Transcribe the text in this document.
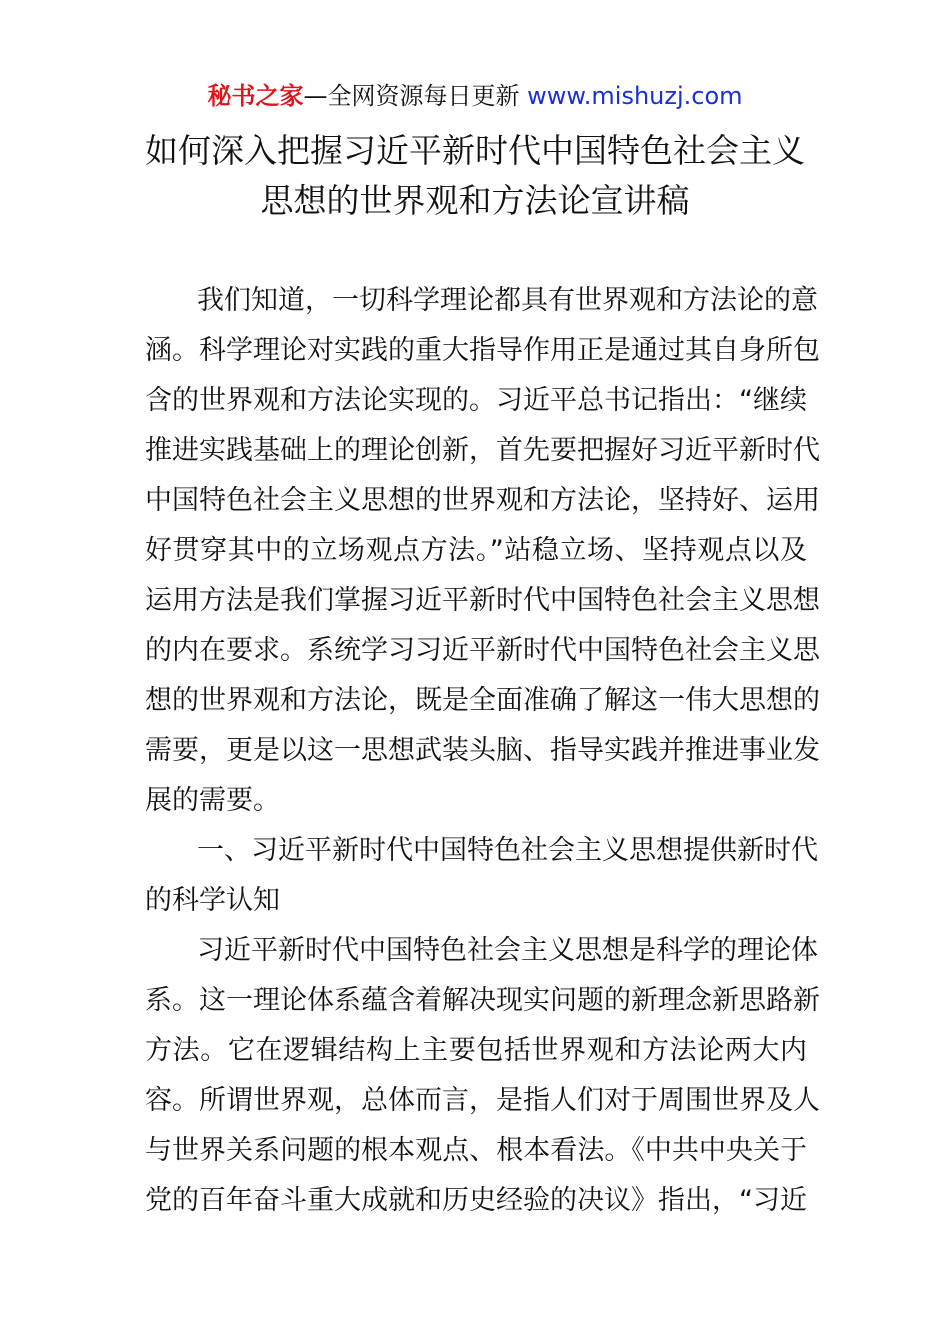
秘书之家—全网资源每日更新 www.mishuzj.com
如何深入把握习近平新时代中国特色社会主义
思想的世界观和方法论宣讲稿
我们知道，一切科学理论都具有世界观和方法论的意
涵。科学理论对实践的重大指导作用正是通过其自身所包
含的世界观和方法论实现的。习近平总书记指出：“继续
推进实践基础上的理论创新，首先要把握好习近平新时代
中国特色社会主义思想的世界观和方法论，坚持好、运用
好贯穿其中的立场观点方法。”站稳立场、坚持观点以及
运用方法是我们掌握习近平新时代中国特色社会主义思想
的内在要求。系统学习习近平新时代中国特色社会主义思
想的世界观和方法论，既是全面准确了解这一伟大思想的
需要，更是以这一思想武装头脑、指导实践并推进事业发
展的需要。
一、习近平新时代中国特色社会主义思想提供新时代
的科学认知
习近平新时代中国特色社会主义思想是科学的理论体
系。这一理论体系蕴含着解决现实问题的新理念新思路新
方法。它在逻辑结构上主要包括世界观和方法论两大内
容。所谓世界观，总体而言，是指人们对于周围世界及人
与世界关系问题的根本观点、根本看法。《中共中央关于
党的百年奋斗重大成就和历史经验的决议》指出，“习近
